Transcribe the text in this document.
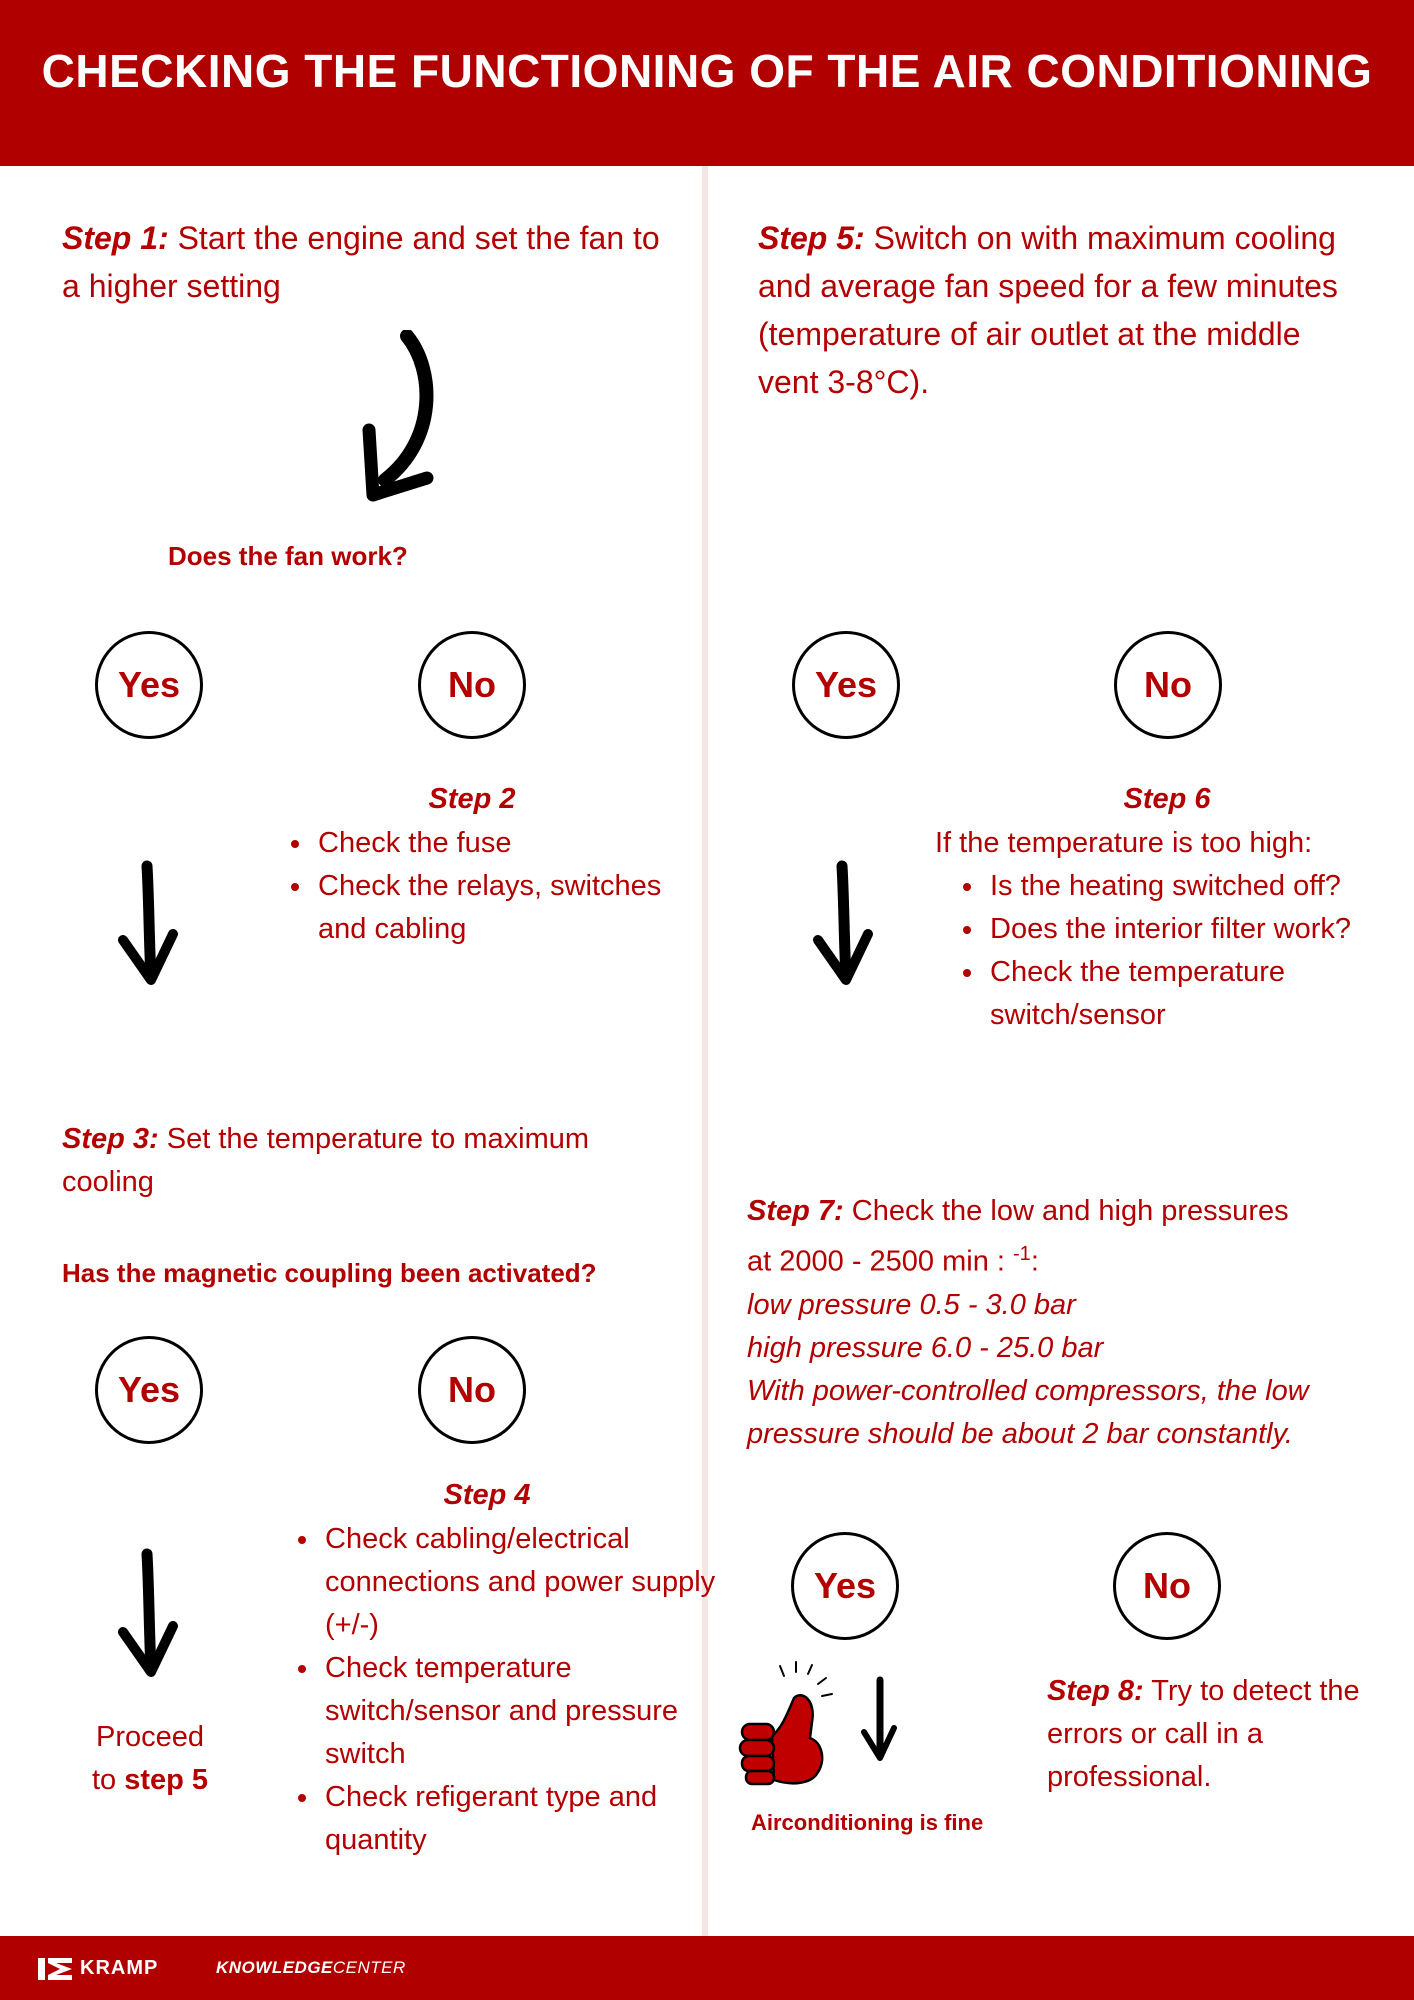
CHECKING THE FUNCTIONING OF THE AIR CONDITIONING
Step 1: Start the engine and set the fan to a higher setting
Does the fan work?
Yes	No
Step 2
• Check the fuse
• Check the relays, switches and cabling
Step 3: Set the temperature to maximum cooling
Has the magnetic coupling been activated?
Yes	No
Step 4
• Check cabling/electrical connections and power supply (+/-)
• Check temperature switch/sensor and pressure switch
• Check refigerant type and quantity
Proceed
to step 5
Step 5: Switch on with maximum cooling and average fan speed for a few minutes (temperature of air outlet at the middle vent 3-8°C).
Yes	No
Step 6
If the temperature is too high:
• Is the heating switched off?
• Does the interior filter work?
• Check the temperature switch/sensor
Step 7: Check the low and high pressures
at 2000 - 2500 min : $^{-1}$:
low pressure 0.5 - 3.0 bar
high pressure 6.0 - 25.0 bar
With power-controlled compressors, the low pressure should be about 2 bar constantly.
Yes	No
Airconditioning is fine
Step 8: Try to detect the errors or call in a professional.
KRAMP	KNOWLEDGECENTER
